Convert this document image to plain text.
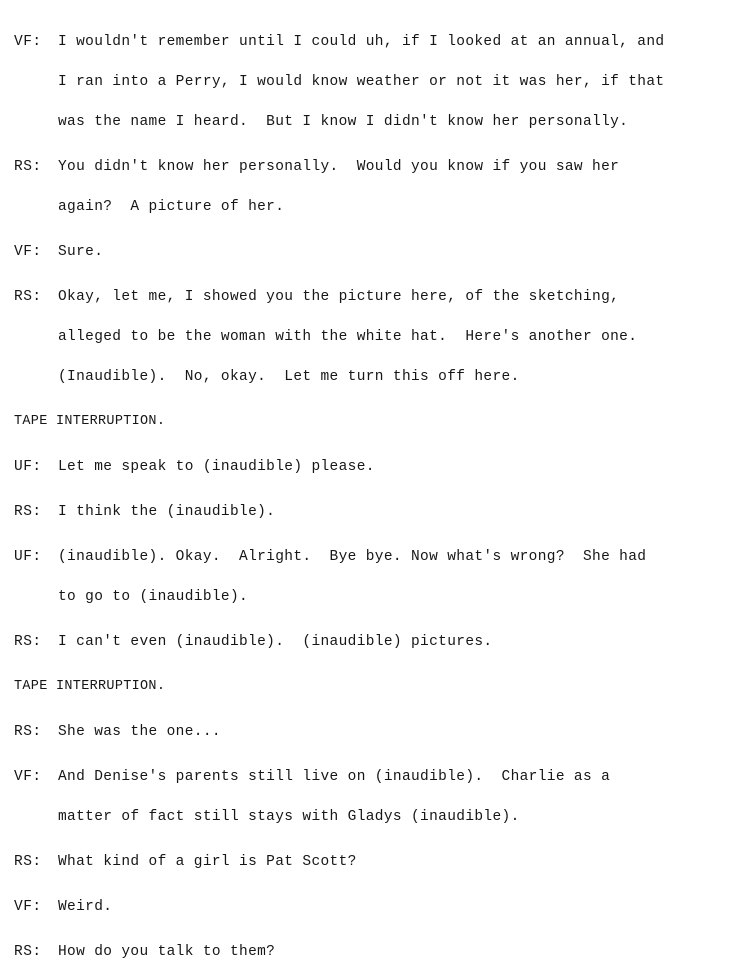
VF:	I wouldn't remember until I could uh, if I looked at an annual, and
I ran into a Perry, I would know weather or not it was her, if that
was the name I heard.  But I know I didn't know her personally.
RS:	You didn't know her personally.  Would you know if you saw her
again?  A picture of her.
VF:	Sure.
RS:	Okay, let me, I showed you the picture here, of the sketching,
alleged to be the woman with the white hat.  Here's another one.
(Inaudible).  No, okay.  Let me turn this off here.
TAPE INTERRUPTION.
UF:	Let me speak to (inaudible) please.
RS:	I think the (inaudible).
UF:	(inaudible). Okay.  Alright.  Bye bye. Now what's wrong?  She had
to go to (inaudible).
RS:	I can't even (inaudible).  (inaudible) pictures.
TAPE INTERRUPTION.
RS:	She was the one...
VF:	And Denise's parents still live on (inaudible).  Charlie as a
matter of fact still stays with Gladys (inaudible).
RS:	What kind of a girl is Pat Scott?
VF:	Weird.
RS:	How do you talk to them?
